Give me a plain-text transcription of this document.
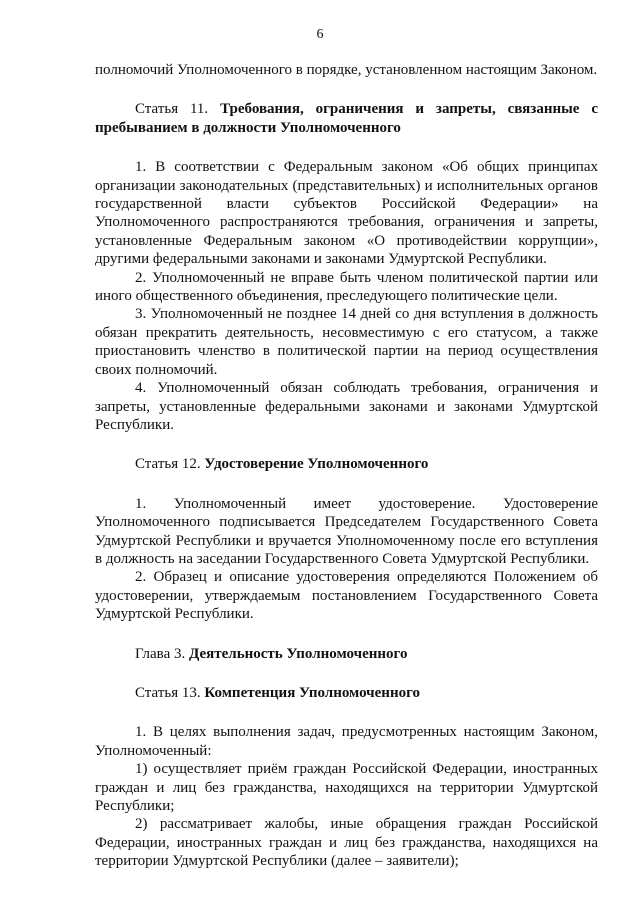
6

полномочий Уполномоченного в порядке, установленном настоящим Законом.

Статья 11. Требования, ограничения и запреты, связанные с пребыванием в должности Уполномоченного

1. В соответствии с Федеральным законом «Об общих принципах организации законодательных (представительных) и исполнительных органов государственной власти субъектов Российской Федерации» на Уполномоченного распространяются требования, ограничения и запреты, установленные Федеральным законом «О противодействии коррупции», другими федеральными законами и законами Удмуртской Республики.

2. Уполномоченный не вправе быть членом политической партии или иного общественного объединения, преследующего политические цели.

3. Уполномоченный не позднее 14 дней со дня вступления в должность обязан прекратить деятельность, несовместимую с его статусом, а также приостановить членство в политической партии на период осуществления своих полномочий.

4. Уполномоченный обязан соблюдать требования, ограничения и запреты, установленные федеральными законами и законами Удмуртской Республики.

Статья 12. Удостоверение Уполномоченного

1. Уполномоченный имеет удостоверение. Удостоверение Уполномоченного подписывается Председателем Государственного Совета Удмуртской Республики и вручается Уполномоченному после его вступления в должность на заседании Государственного Совета Удмуртской Республики.

2. Образец и описание удостоверения определяются Положением об удостоверении, утверждаемым постановлением Государственного Совета Удмуртской Республики.

Глава 3. Деятельность Уполномоченного

Статья 13. Компетенция Уполномоченного

1. В целях выполнения задач, предусмотренных настоящим Законом, Уполномоченный:

1) осуществляет приём граждан Российской Федерации, иностранных граждан и лиц без гражданства, находящихся на территории Удмуртской Республики;

2) рассматривает жалобы, иные обращения граждан Российской Федерации, иностранных граждан и лиц без гражданства, находящихся на территории Удмуртской Республики (далее – заявители);
